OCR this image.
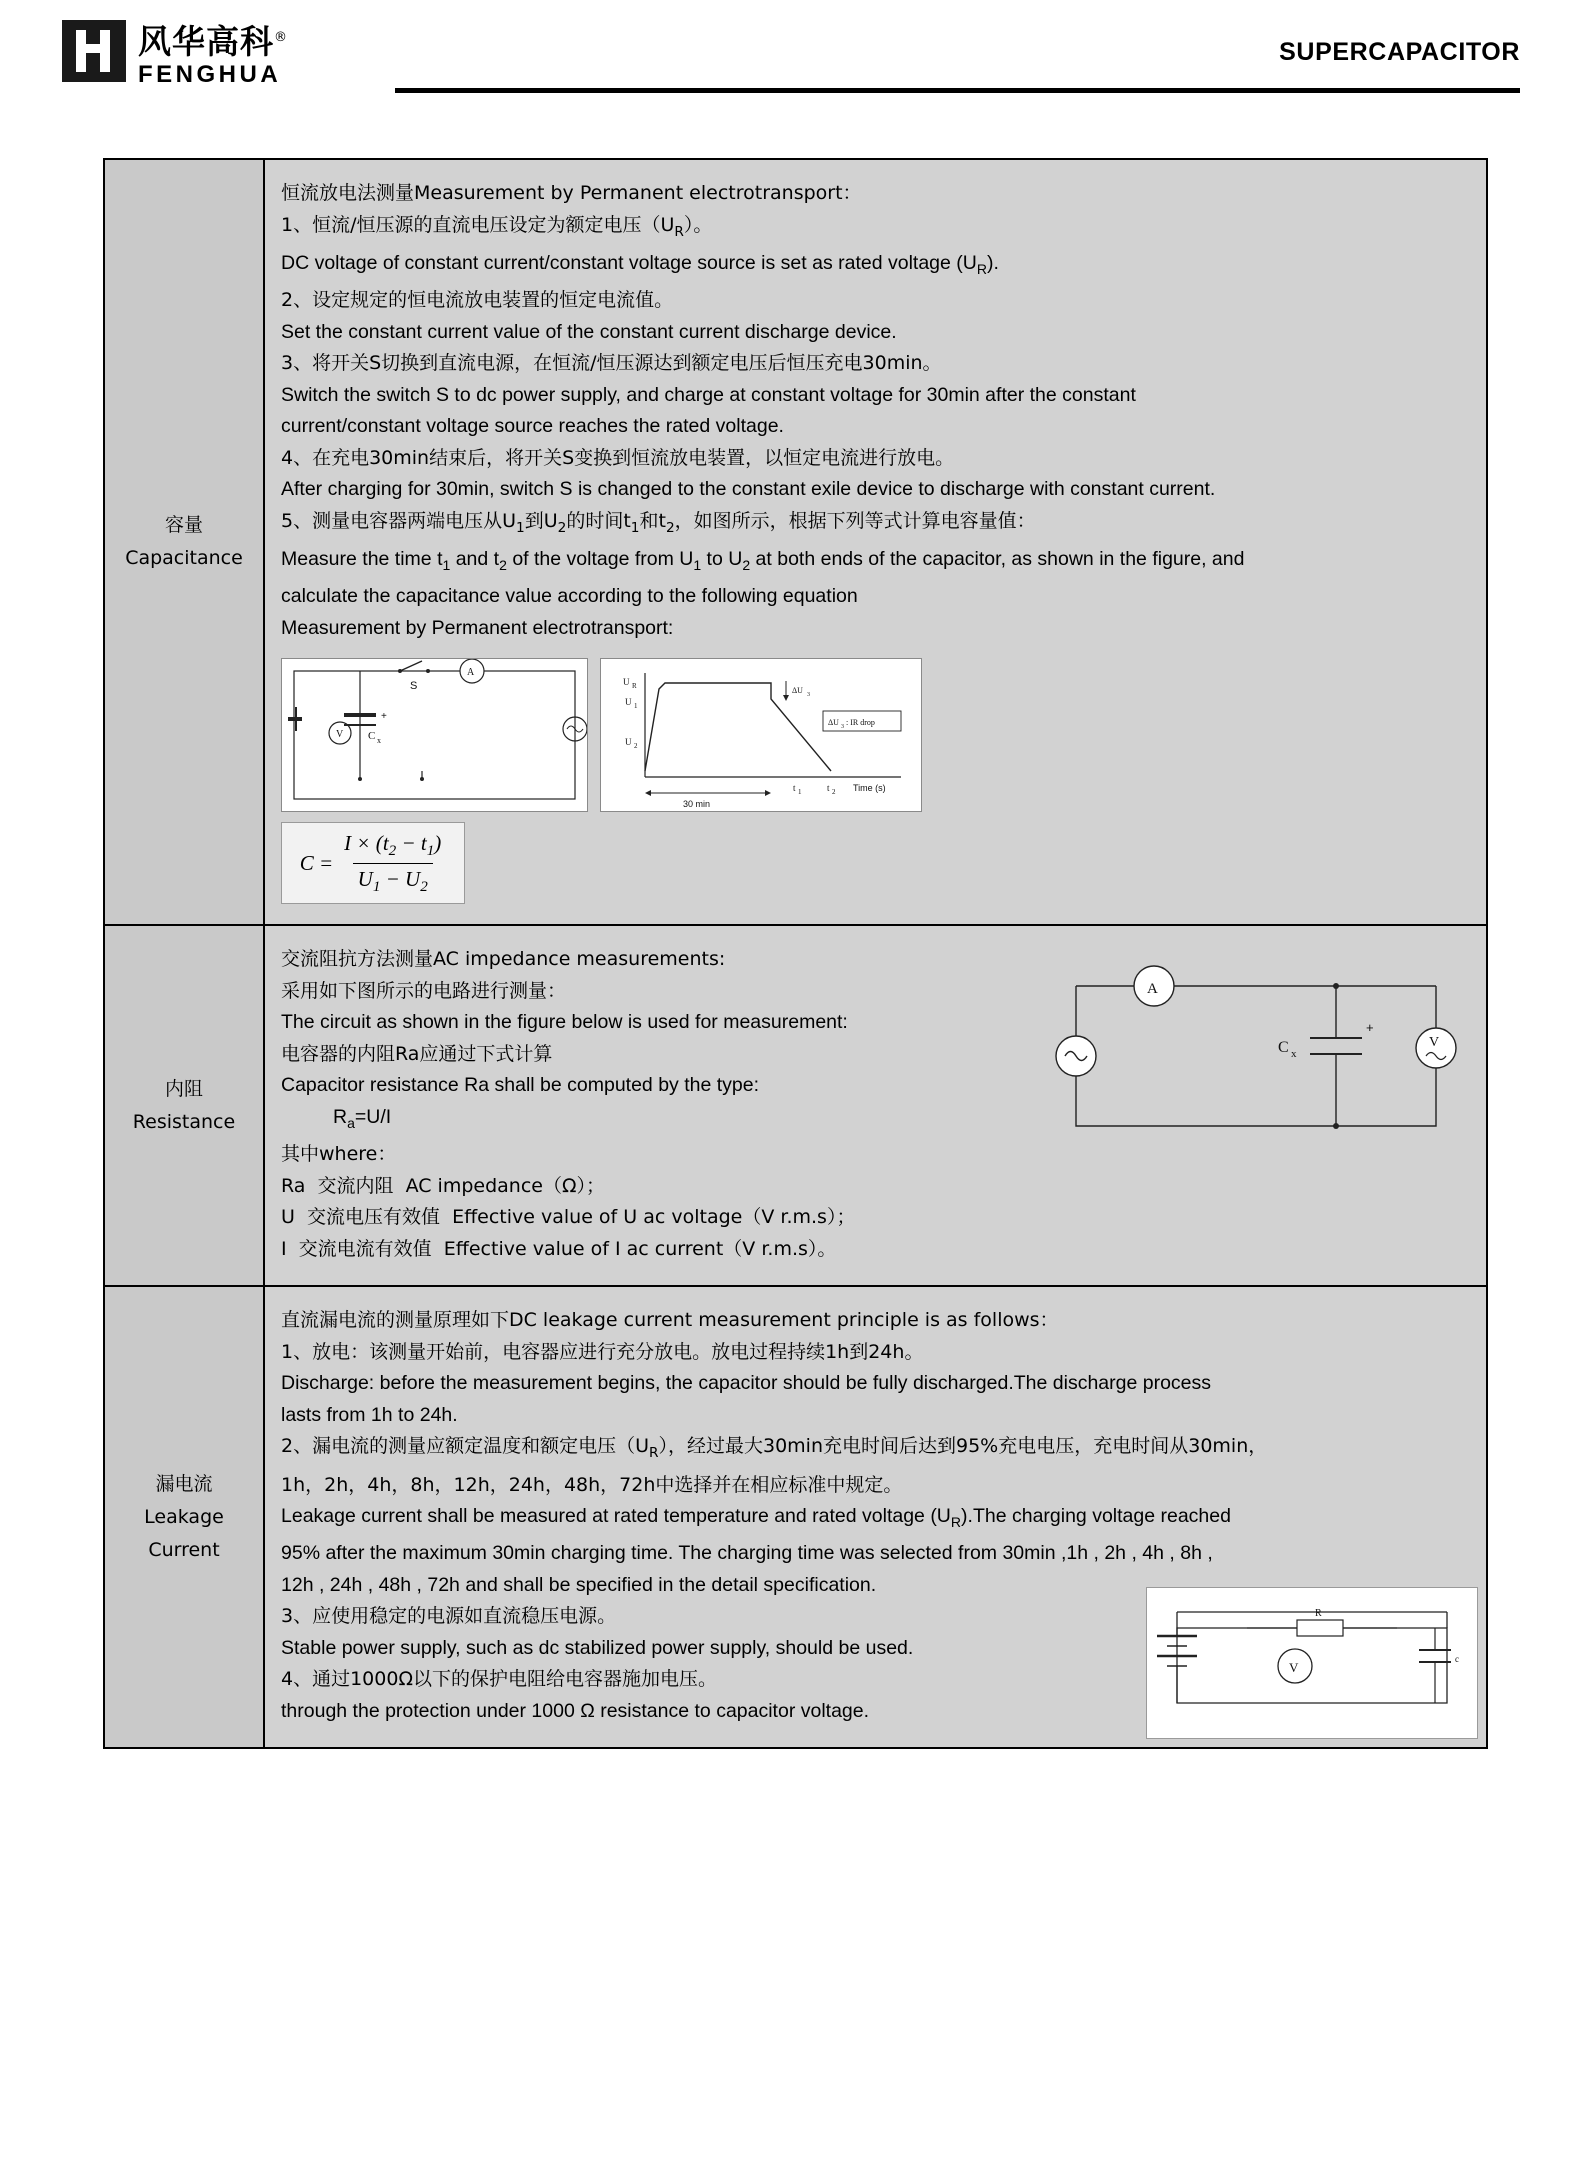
风华高科®
FENGHUA
SUPERCAPACITOR
容量
Capacitance

恒流放电法测量Measurement by Permanent electrotransport：
1、恒流/恒压源的直流电压设定为额定电压$(U_R)$。
DC voltage of constant current/constant voltage source is set as rated voltage $(U_R)$.
2、设定规定的恒电流放电装置的恒定电流值。
Set the constant current value of the constant current discharge device.
3、将开关S切换到直流电源，在恒流/恒压源达到额定电压后恒压充电30min。
Switch the switch S to dc power supply, and charge at constant voltage for 30min after the constant
current/constant voltage source reaches the rated voltage.
4、在充电30min结束后，将开关S变换到恒流放电装置，以恒定电流进行放电。
After charging for 30min, switch S is changed to the constant exile device to discharge with constant current.
5、测量电容器两端电压从$U_1$到$U_2$的时间$t_1$和$t_2$，如图所示，根据下列等式计算电容量值：
Measure the time $t_1$ and $t_2$ of the voltage from $U_1$ to $U_2$ at both ends of the capacitor, as shown in the figure, and
calculate the capacitance value according to the following equation
Measurement by Permanent electrotransport:
+
C x
V
S
A
U R
U 1
U 2
ΔU 3
ΔU 3 : IR drop
30 min
t 1	t 2 Time (s)
$C = \frac{I \times (t_2 - t_1)}{U_1 - U_2}$

内阻
Resistance

交流阻抗方法测量AC impedance measurements:
采用如下图所示的电路进行测量：
The circuit as shown in the figure below is used for measurement:
电容器的内阻Ra应通过下式计算
Capacitor resistance Ra shall be computed by the type:
$R_a=U/I$
其中where：
Ra  交流内阻  AC impedance（Ω）；
U  交流电压有效值  Effective value of U ac voltage（V r.m.s）；
I  交流电流有效值  Effective value of I ac current（V r.m.s）。
A
+
C x
V

漏电流
Leakage
Current

直流漏电流的测量原理如下DC leakage current measurement principle is as follows：
1、放电：该测量开始前，电容器应进行充分放电。放电过程持续1h到24h。
Discharge: before the measurement begins, the capacitor should be fully discharged.The discharge process
lasts from 1h to 24h.
2、漏电流的测量应额定温度和额定电压$(U_R)$，经过最大30min充电时间后达到95%充电电压，充电时间从30min，
1h，2h，4h，8h，12h，24h，48h，72h中选择并在相应标准中规定。
Leakage current shall be measured at rated temperature and rated voltage $(U_R).The$ charging voltage reached
95% after the maximum 30min charging time. The charging time was selected from 30min ,1h , 2h , 4h , 8h ,
12h , 24h , 48h , 72h and shall be specified in the detail specification.
3、应使用稳定的电源如直流稳压电源。
Stable power supply, such as dc stabilized power supply, should be used.
4、通过1000Ω以下的保护电阻给电容器施加电压。
through the protection under 1000 Ω resistance to capacitor voltage.
R
V
c
